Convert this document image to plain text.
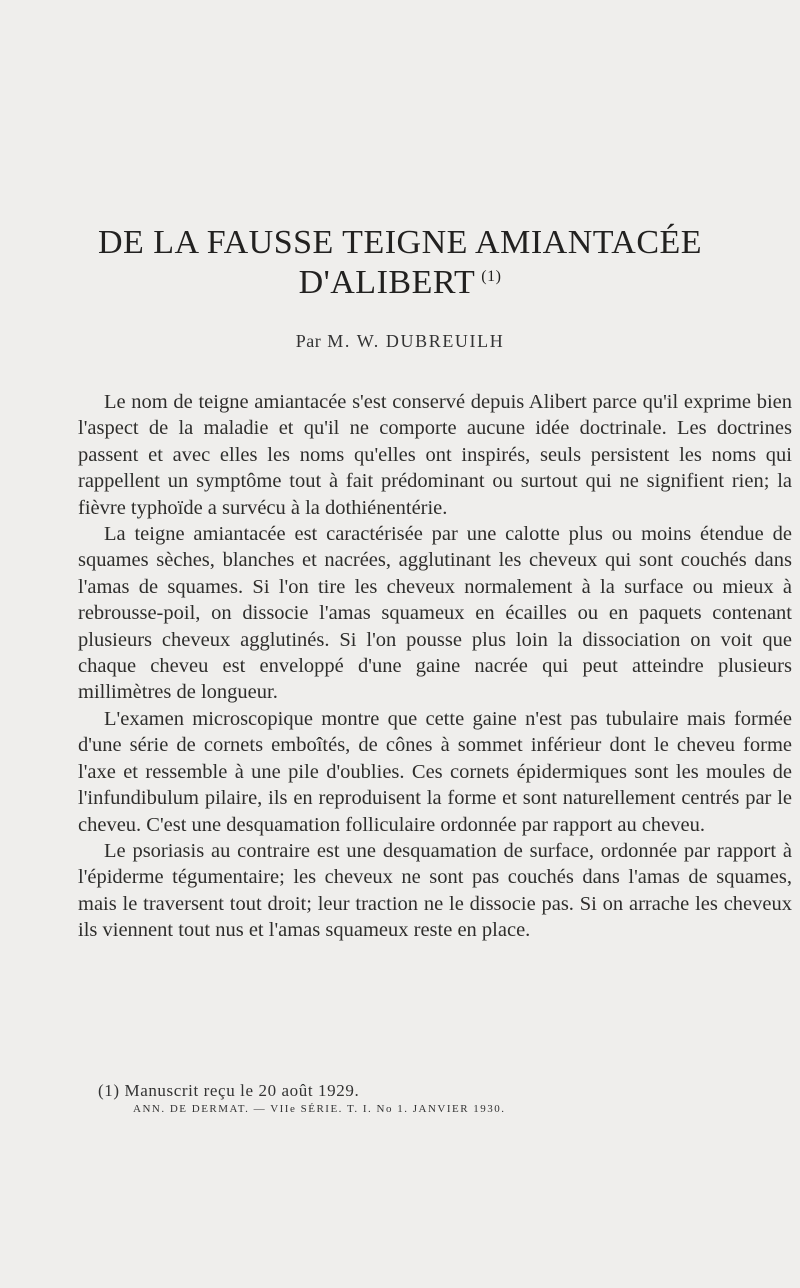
DE LA FAUSSE TEIGNE AMIANTACÉE
D'ALIBERT $^{(1)}$
Par M. W. DUBREUILH

Le nom de teigne amiantacée s'est conservé depuis Alibert parce qu'il exprime bien l'aspect de la maladie et qu'il ne comporte aucune idée doctrinale. Les doctrines passent et avec elles les noms qu'elles ont inspirés, seuls persistent les noms qui rappellent un symptôme tout à fait prédominant ou surtout qui ne signifient rien; la fièvre typhoïde a survécu à la dothiénentérie.

La teigne amiantacée est caractérisée par une calotte plus ou moins étendue de squames sèches, blanches et nacrées, agglutinant les cheveux qui sont couchés dans l'amas de squames. Si l'on tire les cheveux normalement à la surface ou mieux à rebrousse-poil, on dissocie l'amas squameux en écailles ou en paquets contenant plusieurs cheveux agglutinés. Si l'on pousse plus loin la dissociation on voit que chaque cheveu est enveloppé d'une gaine nacrée qui peut atteindre plusieurs millimètres de longueur.

L'examen microscopique montre que cette gaine n'est pas tubulaire mais formée d'une série de cornets emboîtés, de cônes à sommet inférieur dont le cheveu forme l'axe et ressemble à une pile d'oublies. Ces cornets épidermiques sont les moules de l'infundibulum pilaire, ils en reproduisent la forme et sont naturellement centrés par le cheveu. C'est une desquamation folliculaire ordonnée par rapport au cheveu.

Le psoriasis au contraire est une desquamation de surface, ordonnée par rapport à l'épiderme tégumentaire; les cheveux ne sont pas couchés dans l'amas de squames, mais le traversent tout droit; leur traction ne le dissocie pas. Si on arrache les cheveux ils viennent tout nus et l'amas squameux reste en place.

(1) Manuscrit reçu le 20 août 1929.
ANN. DE DERMAT. — VIIe SÉRIE. T. I. No 1. JANVIER 1930.
